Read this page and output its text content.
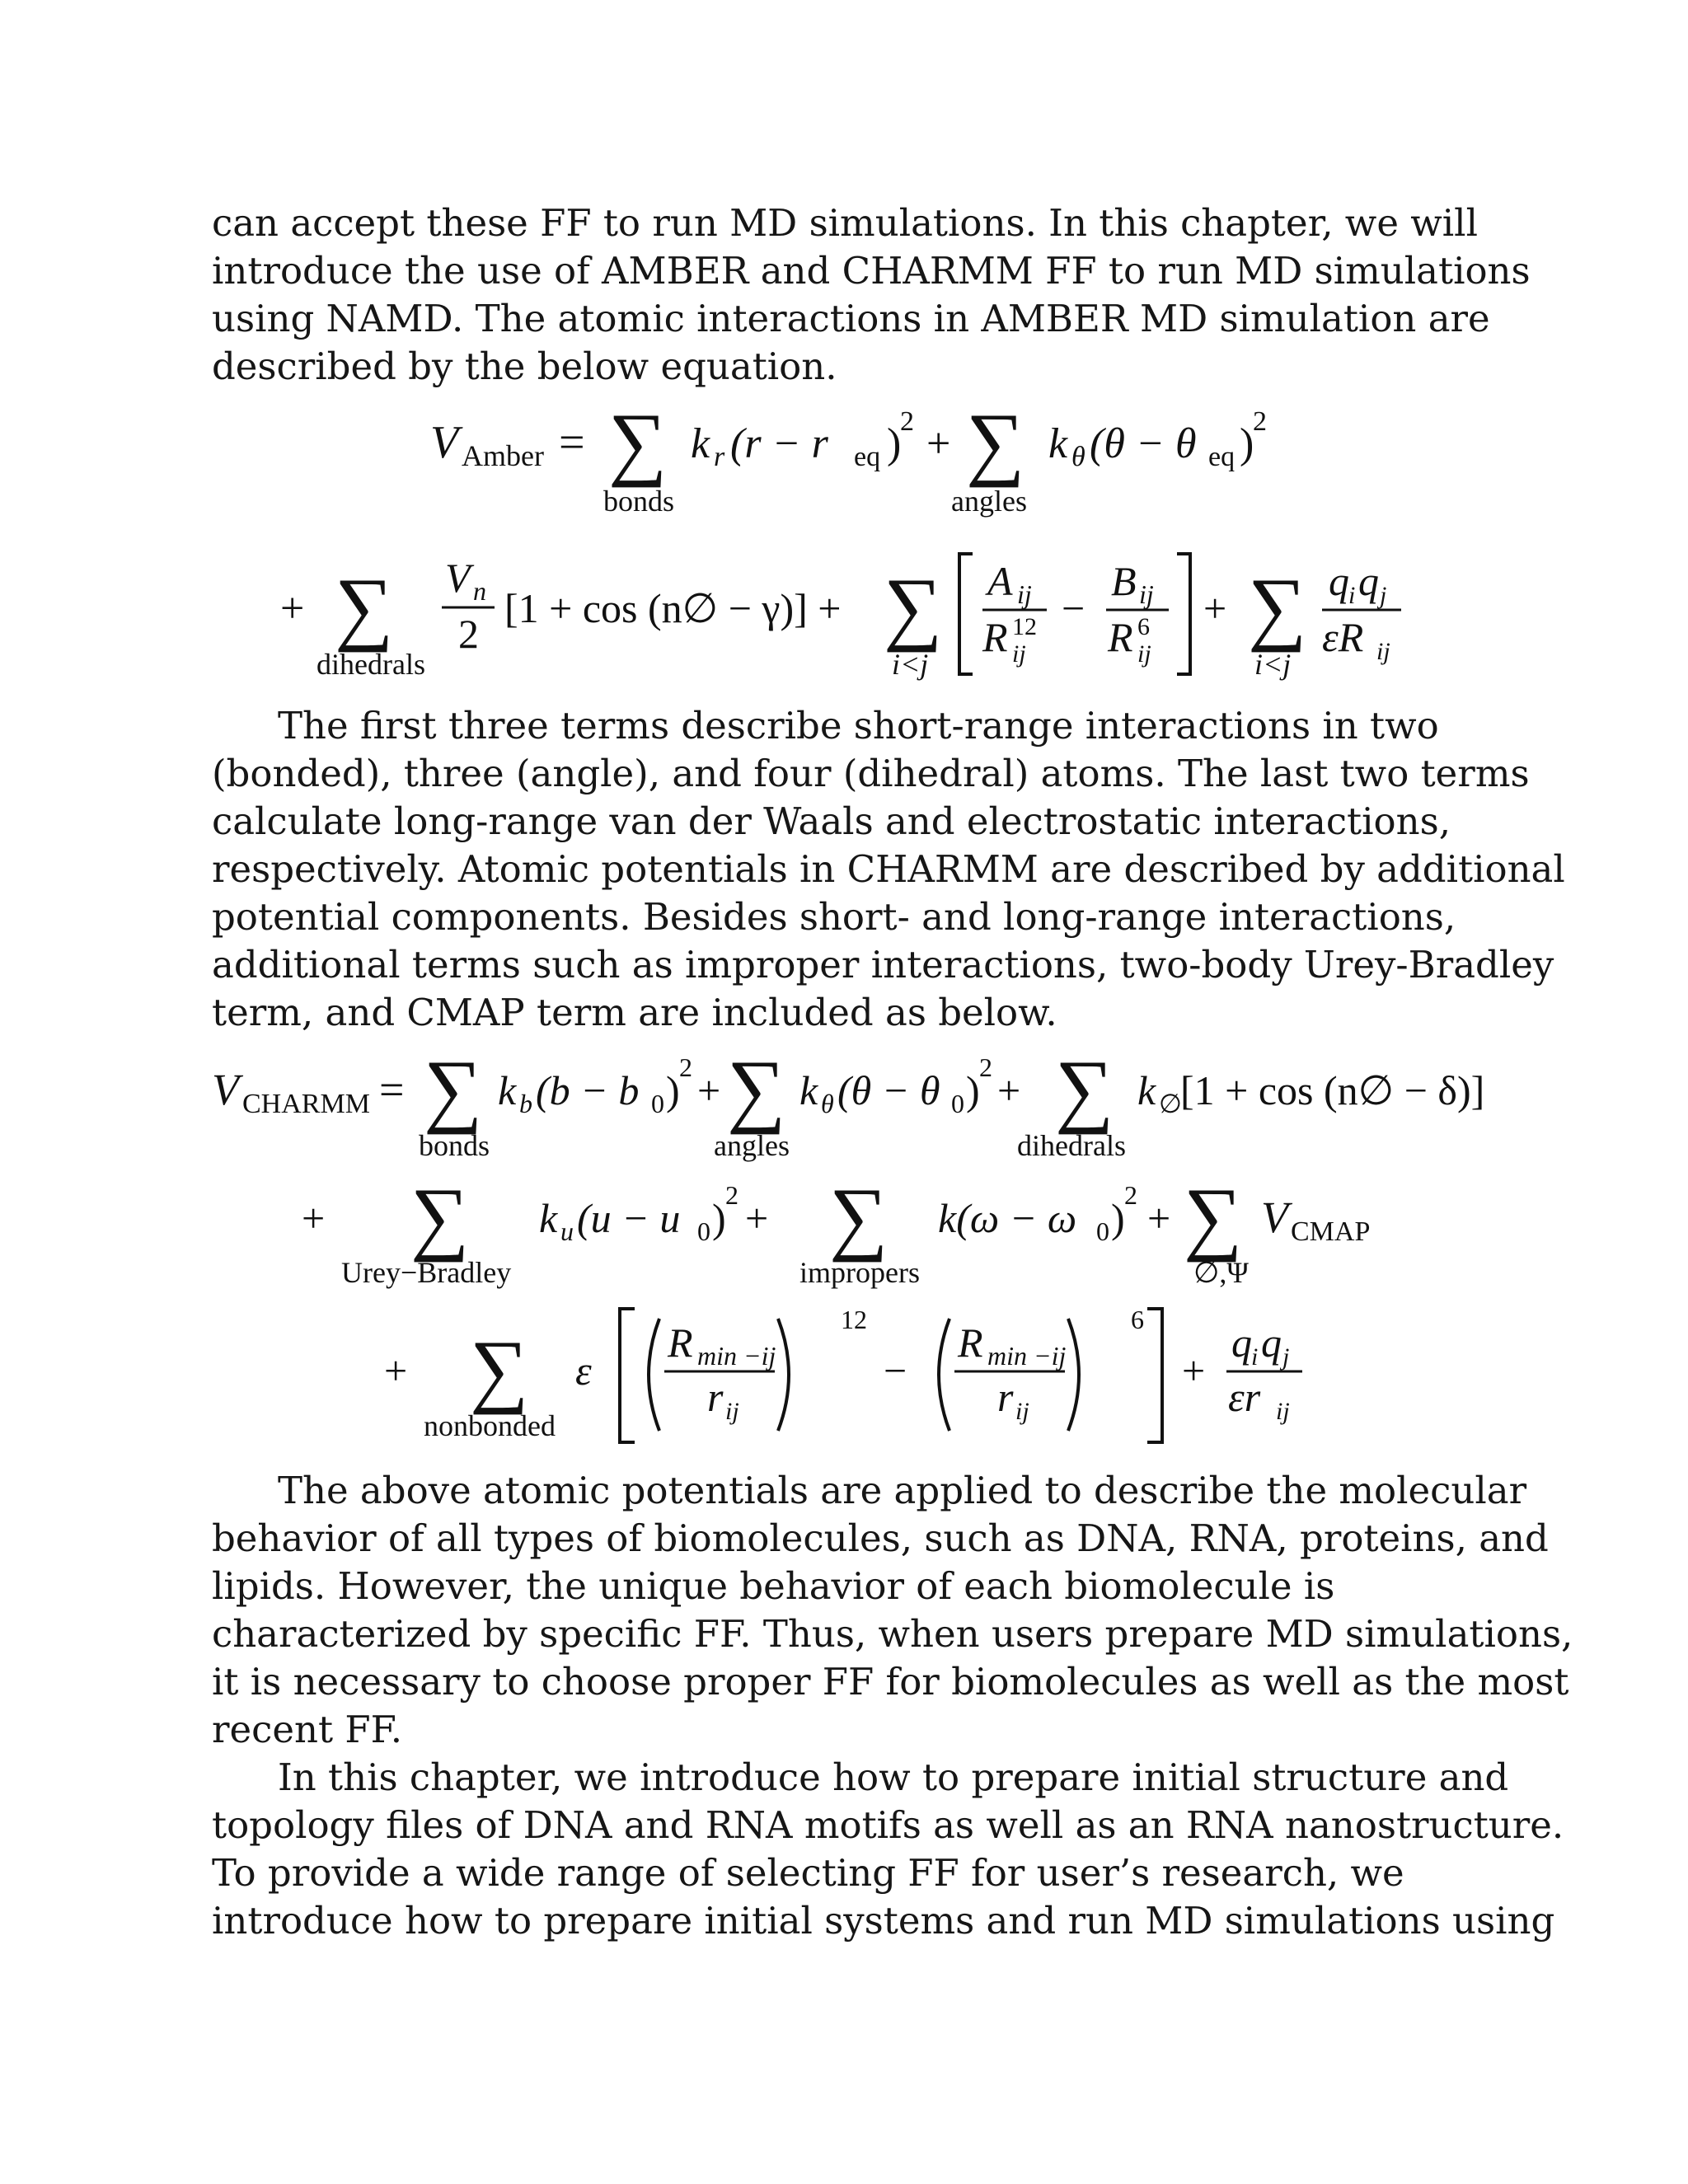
can accept these FF to run MD simulations. In this chapter, we will
introduce the use of AMBER and CHARMM FF to run MD simulations
using NAMD. The atomic interactions in AMBER MD simulation are
described by the below equation.
V Amber = ∑
bonds
k r (r − r eq )
2 + ∑
angles
k θ (θ − θ eq )
2
+ ∑
dihedrals
V n
2
[1 + cos (n∅ − γ)] + ∑
i<j
A ij
R 12
ij
−
B ij
R 6
ij
+ ∑
i<j
q i q j
εR ij
The first three terms describe short-range interactions in two
(bonded), three (angle), and four (dihedral) atoms. The last two terms
calculate long-range van der Waals and electrostatic interactions,
respectively. Atomic potentials in CHARMM are described by additional
potential components. Besides short- and long-range interactions,
additional terms such as improper interactions, two-body Urey-Bradley
term, and CMAP term are included as below.
V CHARMM = ∑
bonds
k b (b − b 0 ) 2 + ∑
angles
k θ (θ − θ 0 ) 2 + ∑
dihedrals
k ∅
[1 + cos (n∅ − δ)]
+ ∑
Urey−Bradley
k u (u − u 0 ) 2 + ∑
impropers
k(ω − ω 0 ) 2 + ∑
∅,Ψ
V CMAP
+ ∑
nonbonded
ε
R min −ij
r ij
12
−
R min −ij
r ij
6
+
q i q j
εr ij
The above atomic potentials are applied to describe the molecular
behavior of all types of biomolecules, such as DNA, RNA, proteins, and
lipids. However, the unique behavior of each biomolecule is
characterized by specific FF. Thus, when users prepare MD simulations,
it is necessary to choose proper FF for biomolecules as well as the most
recent FF.
In this chapter, we introduce how to prepare initial structure and
topology files of DNA and RNA motifs as well as an RNA nanostructure.
To provide a wide range of selecting FF for user’s research, we
introduce how to prepare initial systems and run MD simulations using
